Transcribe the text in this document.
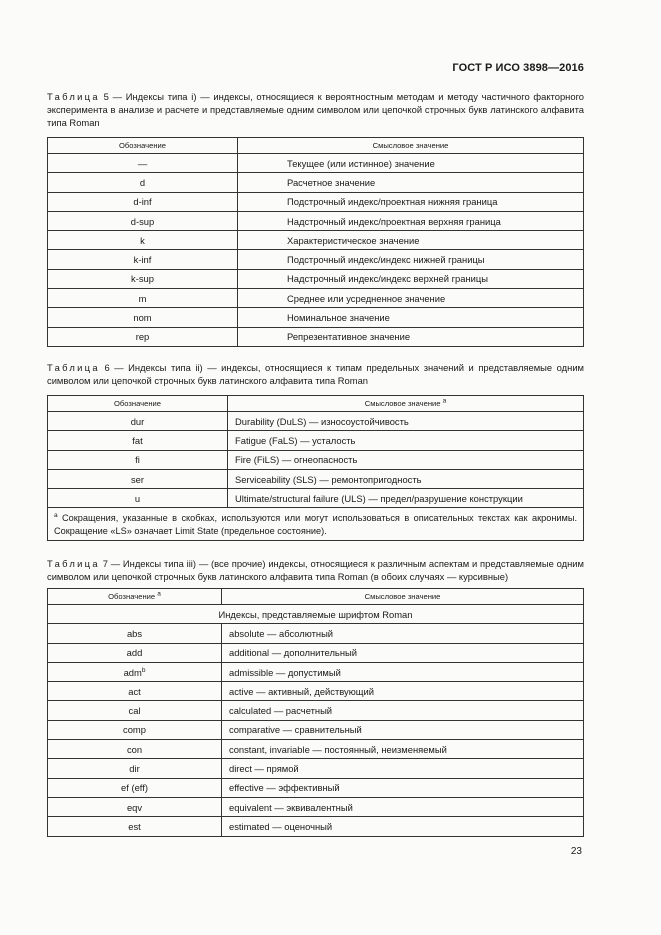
ГОСТ Р ИСО 3898—2016
Таблица 5 — Индексы типа i) — индексы, относящиеся к вероятностным методам и методу частичного факторного эксперимента в анализе и расчете и представляемые одним символом или цепочкой строчных букв латинского алфавита типа Roman
Обозначение	Смысловое значение
—	Текущее (или истинное) значение
d	Расчетное значение
d-inf	Подстрочный индекс/проектная нижняя граница
d-sup	Надстрочный индекс/проектная верхняя граница
k	Характеристическое значение
k-inf	Подстрочный индекс/индекс нижней границы
k-sup	Надстрочный индекс/индекс верхней границы
m	Среднее или усредненное значение
nom	Номинальное значение
rep	Репрезентативное значение
Таблица 6 — Индексы типа ii) — индексы, относящиеся к типам предельных значений и представляемые одним символом или цепочкой строчных букв латинского алфавита типа Roman
Обозначение	Смысловое значение $^a$
dur	Durability (DuLS) — износоустойчивость
fat	Fatigue (FaLS) — усталость
fi	Fire (FiLS) — огнеопасность
ser	Serviceability (SLS) — ремонтопригодность
u	Ultimate/structural failure (ULS) — предел/разрушение конструкции
$^a$ Сокращения, указанные в скобках, используются или могут использоваться в описательных текстах как акронимы. Сокращение «LS» означает Limit State (предельное состояние).	
Таблица 7 — Индексы типа iii) — (все прочие) индексы, относящиеся к различным аспектам и представляемые одним символом или цепочкой строчных букв латинского алфавита типа Roman (в обоих случаях — курсивные)
Обозначение $^a$	Смысловое значение
Индексы, представляемые шрифтом Roman	
abs	absolute — абсолютный
add	additional — дополнительный
adm$^b$	admissible — допустимый
act	active — активный, действующий
cal	calculated — расчетный
comp	comparative — сравнительный
con	constant, invariable — постоянный, неизменяемый
dir	direct — прямой
ef (eff)	effective — эффективный
eqv	equivalent — эквивалентный
est	estimated — оценочный
23
